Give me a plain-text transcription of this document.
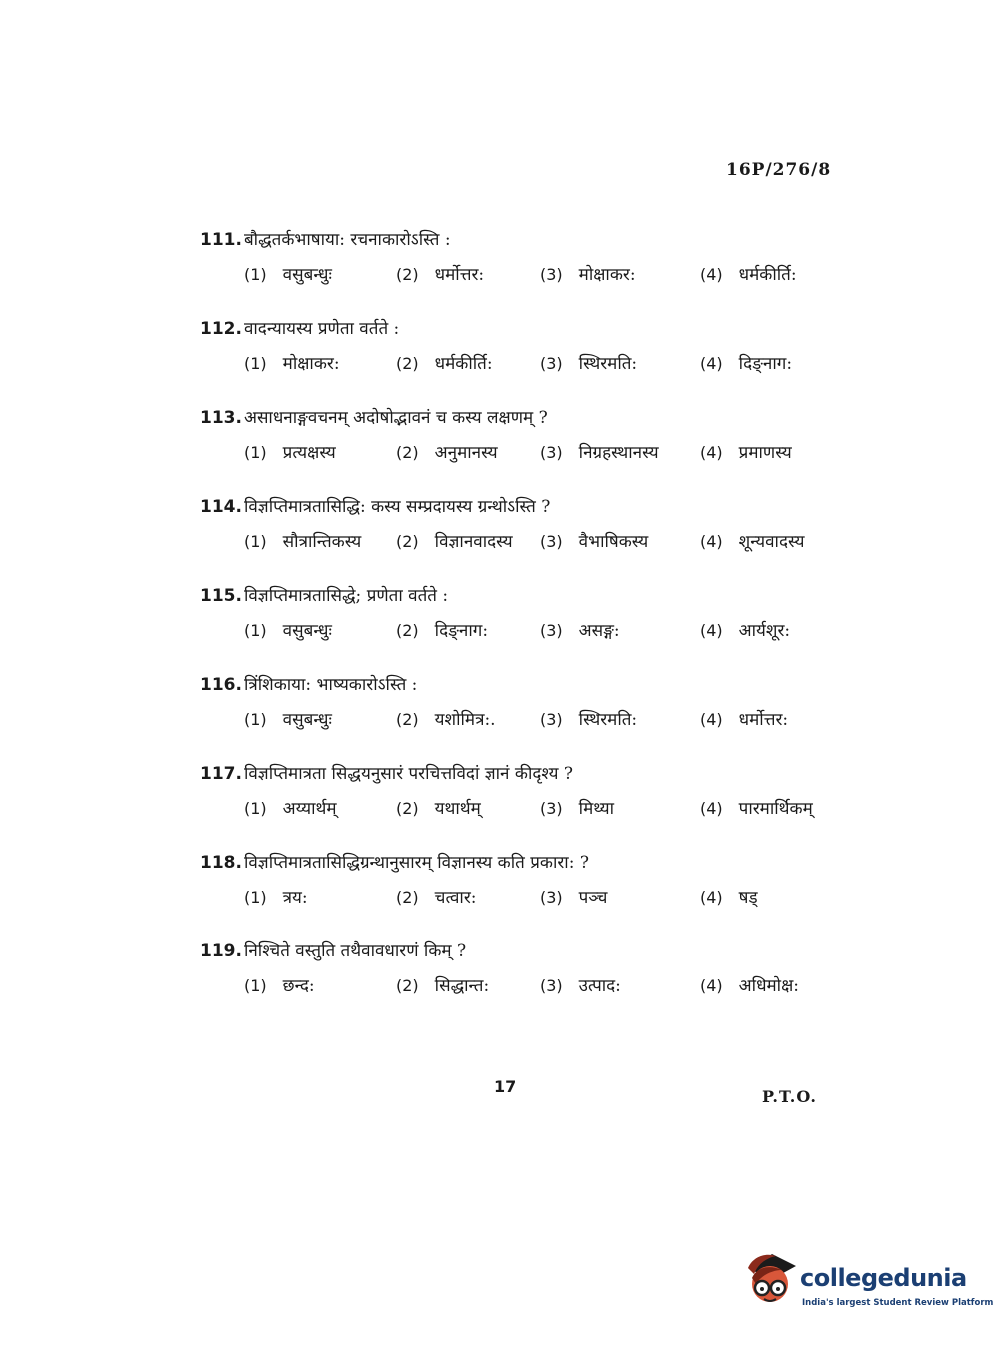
16P/276/8
111. बौद्धतर्कभाषाया: रचनाकारोऽस्ति :
(1) वसुबन्धुः	(2) धर्मोत्तर:	(3) मोक्षाकर:	(4) धर्मकीर्ति:
112. वादन्यायस्य प्रणेता वर्तते :
(1) मोक्षाकर:	(2) धर्मकीर्ति:	(3) स्थिरमति:	(4) दिङ्नाग:
113. असाधनाङ्गवचनम् अदोषोद्भावनं च कस्य लक्षणम् ?
(1) प्रत्यक्षस्य	(2) अनुमानस्य	(3) निग्रहस्थानस्य	(4) प्रमाणस्य
114. विज्ञप्तिमात्रतासिद्धि: कस्य सम्प्रदायस्य ग्रन्थोऽस्ति ?
(1) सौत्रान्तिकस्य (2) विज्ञानवादस्य (3) वैभाषिकस्य	(4) शून्यवादस्य
115. विज्ञप्तिमात्रतासिद्धे; प्रणेता वर्तते :
(1) वसुबन्धुः	(2) दिङ्नाग:	(3) असङ्ग:	(4) आर्यशूर:
116. त्रिंशिकाया: भाष्यकारोऽस्ति :
(1) वसुबन्धुः	(2) यशोमित्र:.	(3) स्थिरमति:	(4) धर्मोत्तर:
117. विज्ञप्तिमात्रता सिद्धयनुसारं परचित्तविदां ज्ञानं कीदृश्य ?
(1) अय्यार्थम्	(2) यथार्थम्	(3) मिथ्या	(4) पारमार्थिकम्
118. विज्ञप्तिमात्रतासिद्धिग्रन्थानुसारम् विज्ञानस्य कति प्रकारा: ?
(1) त्रय:	(2) चत्वार:	(3) पञ्च	(4) षड्
119. निश्चिते वस्तुति तथैवावधारणं किम् ?
(1) छन्द:	(2) सिद्धान्त:	(3) उत्पाद:	(4) अधिमोक्ष:
17
P.T.O.
collegedunia
India's largest Student Review Platform
